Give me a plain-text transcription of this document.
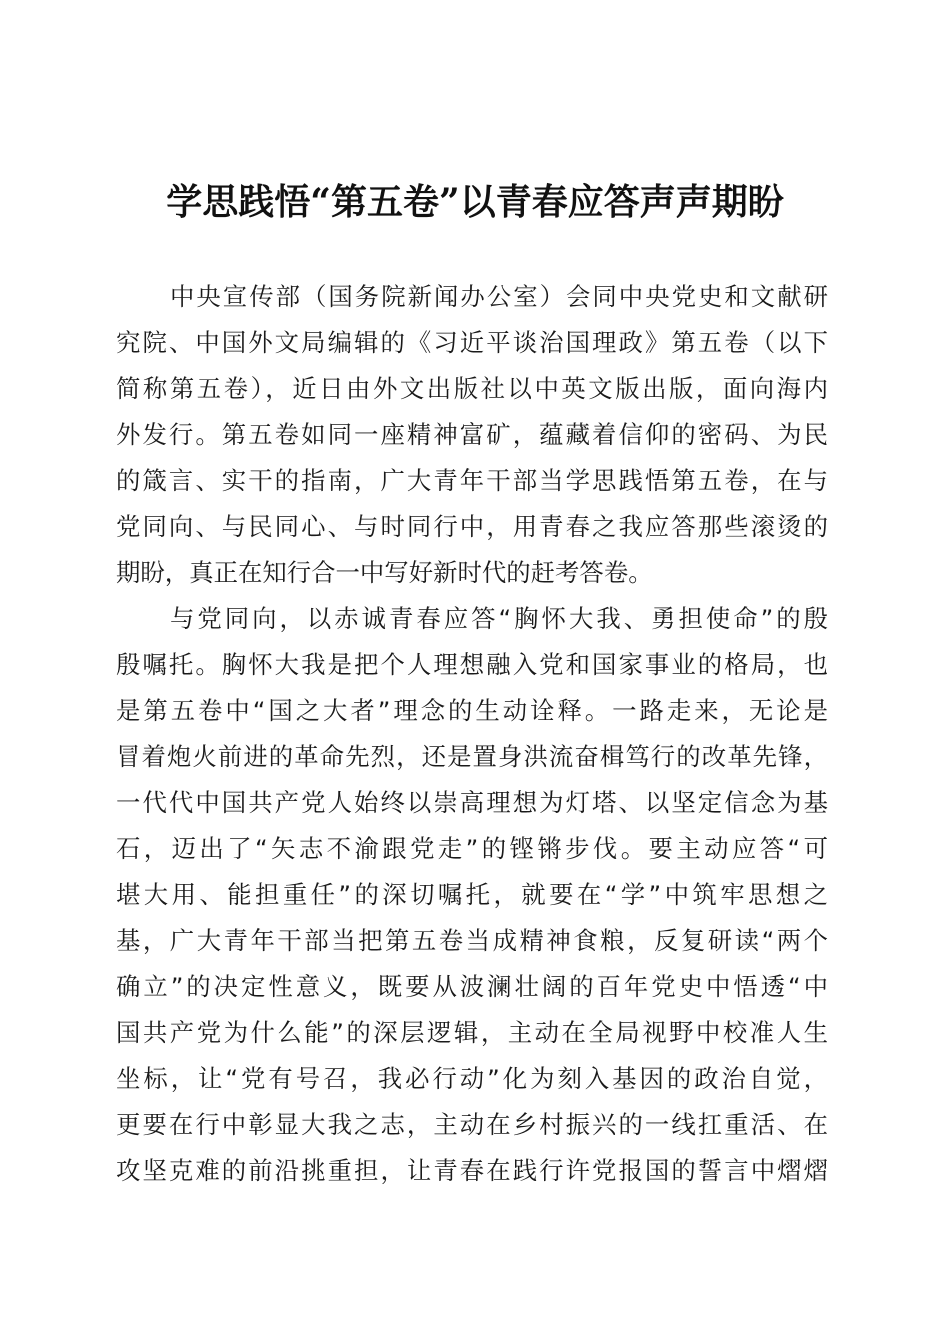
学思践悟“第五卷”以青春应答声声期盼
中央宣传部（国务院新闻办公室）会同中央党史和文献研
究院、中国外文局编辑的《习近平谈治国理政》第五卷（以下
简称第五卷），近日由外文出版社以中英文版出版，面向海内
外发行。第五卷如同一座精神富矿，蕴藏着信仰的密码、为民
的箴言、实干的指南，广大青年干部当学思践悟第五卷，在与
党同向、与民同心、与时同行中，用青春之我应答那些滚烫的
期盼，真正在知行合一中写好新时代的赶考答卷。
与党同向，以赤诚青春应答“胸怀大我、勇担使命”的殷
殷嘱托。胸怀大我是把个人理想融入党和国家事业的格局，也
是第五卷中“国之大者”理念的生动诠释。一路走来，无论是
冒着炮火前进的革命先烈，还是置身洪流奋楫笃行的改革先锋，
一代代中国共产党人始终以崇高理想为灯塔、以坚定信念为基
石，迈出了“矢志不渝跟党走”的铿锵步伐。要主动应答“可
堪大用、能担重任”的深切嘱托，就要在“学”中筑牢思想之
基，广大青年干部当把第五卷当成精神食粮，反复研读“两个
确立”的决定性意义，既要从波澜壮阔的百年党史中悟透“中
国共产党为什么能”的深层逻辑，主动在全局视野中校准人生
坐标，让“党有号召，我必行动”化为刻入基因的政治自觉，
更要在行中彰显大我之志，主动在乡村振兴的一线扛重活、在
攻坚克难的前沿挑重担，让青春在践行许党报国的誓言中熠熠
